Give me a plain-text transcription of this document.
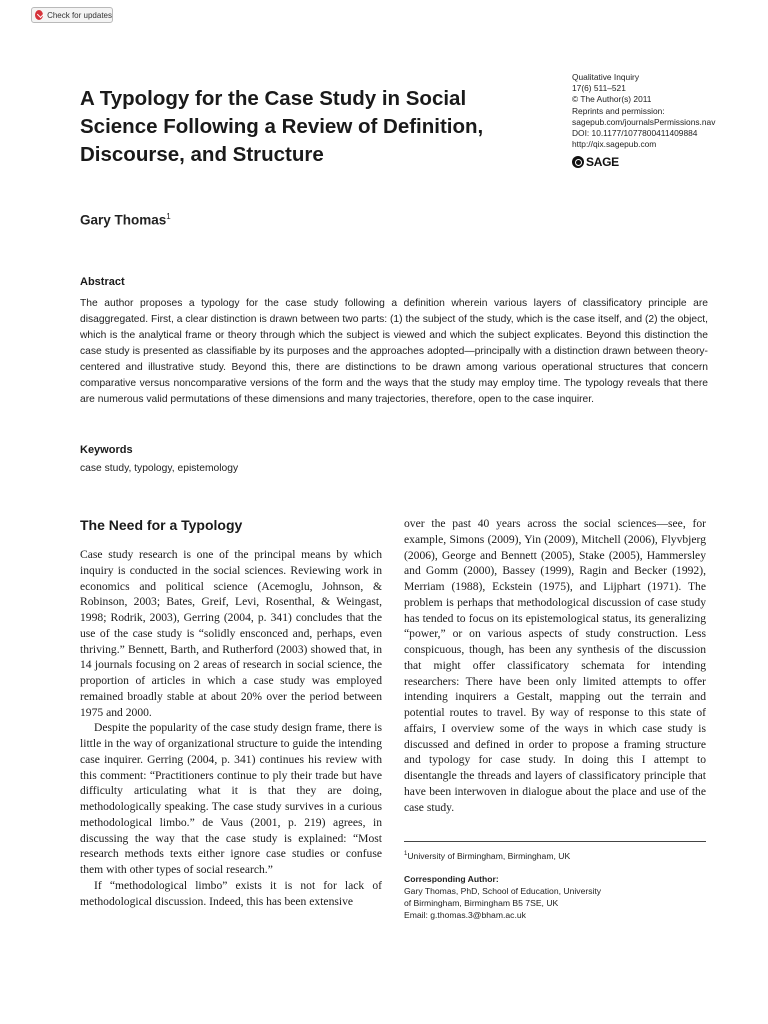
Check for updates
A Typology for the Case Study in Social Science Following a Review of Definition, Discourse, and Structure
Qualitative Inquiry
17(6) 511–521
© The Author(s) 2011
Reprints and permission:
sagepub.com/journalsPermissions.nav
DOI: 10.1177/1077800411409884
http://qix.sagepub.com
SAGE
Gary Thomas$^1$
Abstract
The author proposes a typology for the case study following a definition wherein various layers of classificatory principle are disaggregated. First, a clear distinction is drawn between two parts: (1) the subject of the study, which is the case itself, and (2) the object, which is the analytical frame or theory through which the subject is viewed and which the subject explicates. Beyond this distinction the case study is presented as classifiable by its purposes and the approaches adopted—principally with a distinction drawn between theory-centered and illustrative study. Beyond this, there are distinctions to be drawn among various operational structures that concern comparative versus noncomparative versions of the form and the ways that the study may employ time. The typology reveals that there are numerous valid permutations of these dimensions and many trajectories, therefore, open to the case inquirer.
Keywords
case study, typology, epistemology
The Need for a Typology

Case study research is one of the principal means by which inquiry is conducted in the social sciences. Reviewing work in economics and political science (Acemoglu, Johnson, & Robinson, 2003; Bates, Greif, Levi, Rosenthal, & Weingast, 1998; Rodrik, 2003), Gerring (2004, p. 341) concludes that the use of the case study is “solidly ensconced and, perhaps, even thriving.” Bennett, Barth, and Rutherford (2003) showed that, in 14 journals focusing on 2 areas of research in social science, the proportion of articles in which a case study was employed remained broadly stable at about 20% over the period between 1975 and 2000.

Despite the popularity of the case study design frame, there is little in the way of organizational structure to guide the intending case inquirer. Gerring (2004, p. 341) continues his review with this comment: “Practitioners continue to ply their trade but have difficulty articulating what it is that they are doing, methodologically speaking. The case study survives in a curious methodological limbo.” de Vaus (2001, p. 219) agrees, in discussing the way that the case study is explained: “Most research methods texts either ignore case studies or confuse them with other types of social research.”

If “methodological limbo” exists it is not for lack of methodological discussion. Indeed, this has been extensive

over the past 40 years across the social sciences—see, for example, Simons (2009), Yin (2009), Mitchell (2006), Flyvbjerg (2006), George and Bennett (2005), Stake (2005), Hammersley and Gomm (2000), Bassey (1999), Ragin and Becker (1992), Merriam (1988), Eckstein (1975), and Lijphart (1971). The problem is perhaps that methodological discussion of case study has tended to focus on its epistemological status, its generalizing “power,” or on various aspects of study construction. Less conspicuous, though, has been any synthesis of the discussion that might offer classificatory schemata for intending researchers: There have been only limited attempts to offer intending inquirers a Gestalt, mapping out the terrain and potential routes to travel. By way of response to this state of affairs, I overview some of the ways in which case study is discussed and defined in order to propose a framing structure and typology for case study. In doing this I attempt to disentangle the threads and layers of classificatory principle that have been interwoven in dialogue about the place and use of the case study.

$^1$University of Birmingham, Birmingham, UK
Corresponding Author:
Gary Thomas, PhD, School of Education, University
of Birmingham, Birmingham B5 7SE, UK
Email: g.thomas.3@bham.ac.uk
